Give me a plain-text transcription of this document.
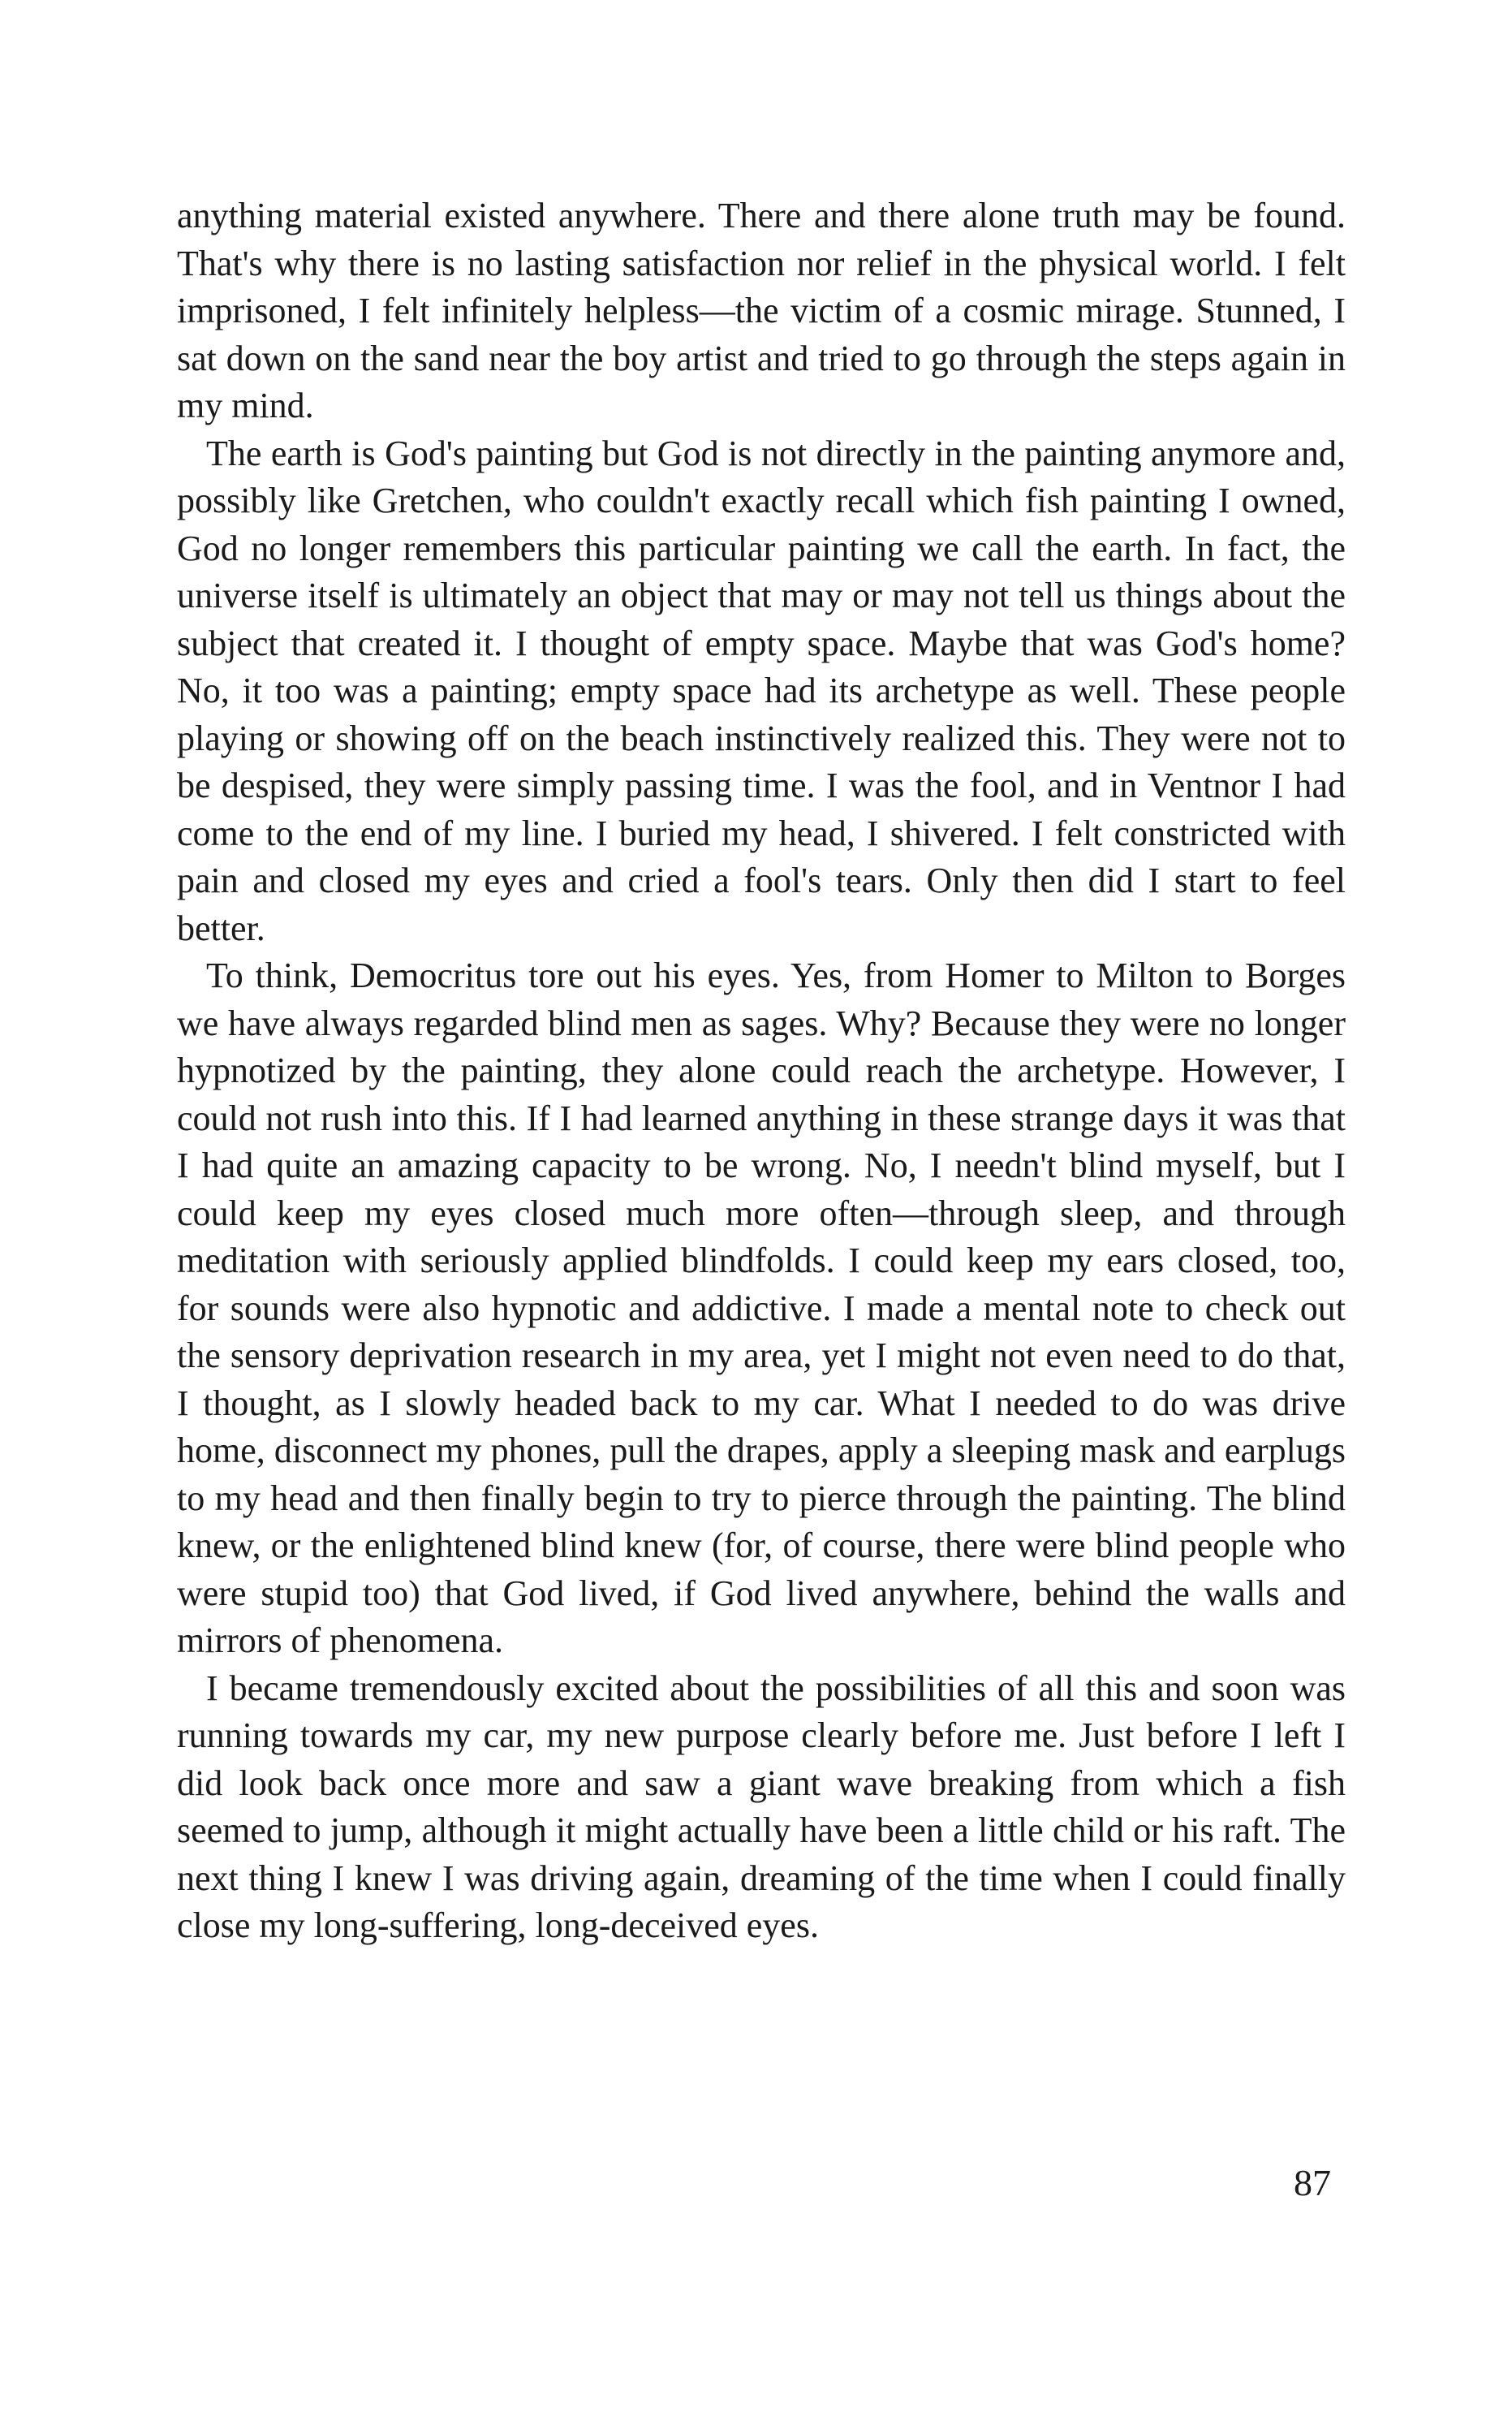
anything material existed anywhere. There and there alone truth may be found. That's why there is no lasting satisfaction nor relief in the physical world. I felt imprisoned, I felt infinitely helpless—the victim of a cosmic mirage. Stunned, I sat down on the sand near the boy artist and tried to go through the steps again in my mind.

The earth is God's painting but God is not directly in the painting anymore and, possibly like Gretchen, who couldn't exactly recall which fish painting I owned, God no longer remembers this particular painting we call the earth. In fact, the universe itself is ultimately an object that may or may not tell us things about the subject that created it. I thought of empty space. Maybe that was God's home? No, it too was a painting; empty space had its archetype as well. These people playing or showing off on the beach instinctively realized this. They were not to be despised, they were simply passing time. I was the fool, and in Ventnor I had come to the end of my line. I buried my head, I shivered. I felt constricted with pain and closed my eyes and cried a fool's tears. Only then did I start to feel better.

To think, Democritus tore out his eyes. Yes, from Homer to Milton to Borges we have always regarded blind men as sages. Why? Because they were no longer hypnotized by the painting, they alone could reach the archetype. However, I could not rush into this. If I had learned anything in these strange days it was that I had quite an amazing capacity to be wrong. No, I needn't blind myself, but I could keep my eyes closed much more often—through sleep, and through meditation with seriously applied blindfolds. I could keep my ears closed, too, for sounds were also hypnotic and addictive. I made a mental note to check out the sensory deprivation research in my area, yet I might not even need to do that, I thought, as I slowly headed back to my car. What I needed to do was drive home, disconnect my phones, pull the drapes, apply a sleeping mask and earplugs to my head and then finally begin to try to pierce through the painting. The blind knew, or the enlightened blind knew (for, of course, there were blind people who were stupid too) that God lived, if God lived anywhere, behind the walls and mirrors of phenomena.

I became tremendously excited about the possibilities of all this and soon was running towards my car, my new purpose clearly before me. Just before I left I did look back once more and saw a giant wave breaking from which a fish seemed to jump, although it might actually have been a little child or his raft. The next thing I knew I was driving again, dreaming of the time when I could finally close my long-suffering, long-deceived eyes.

87
